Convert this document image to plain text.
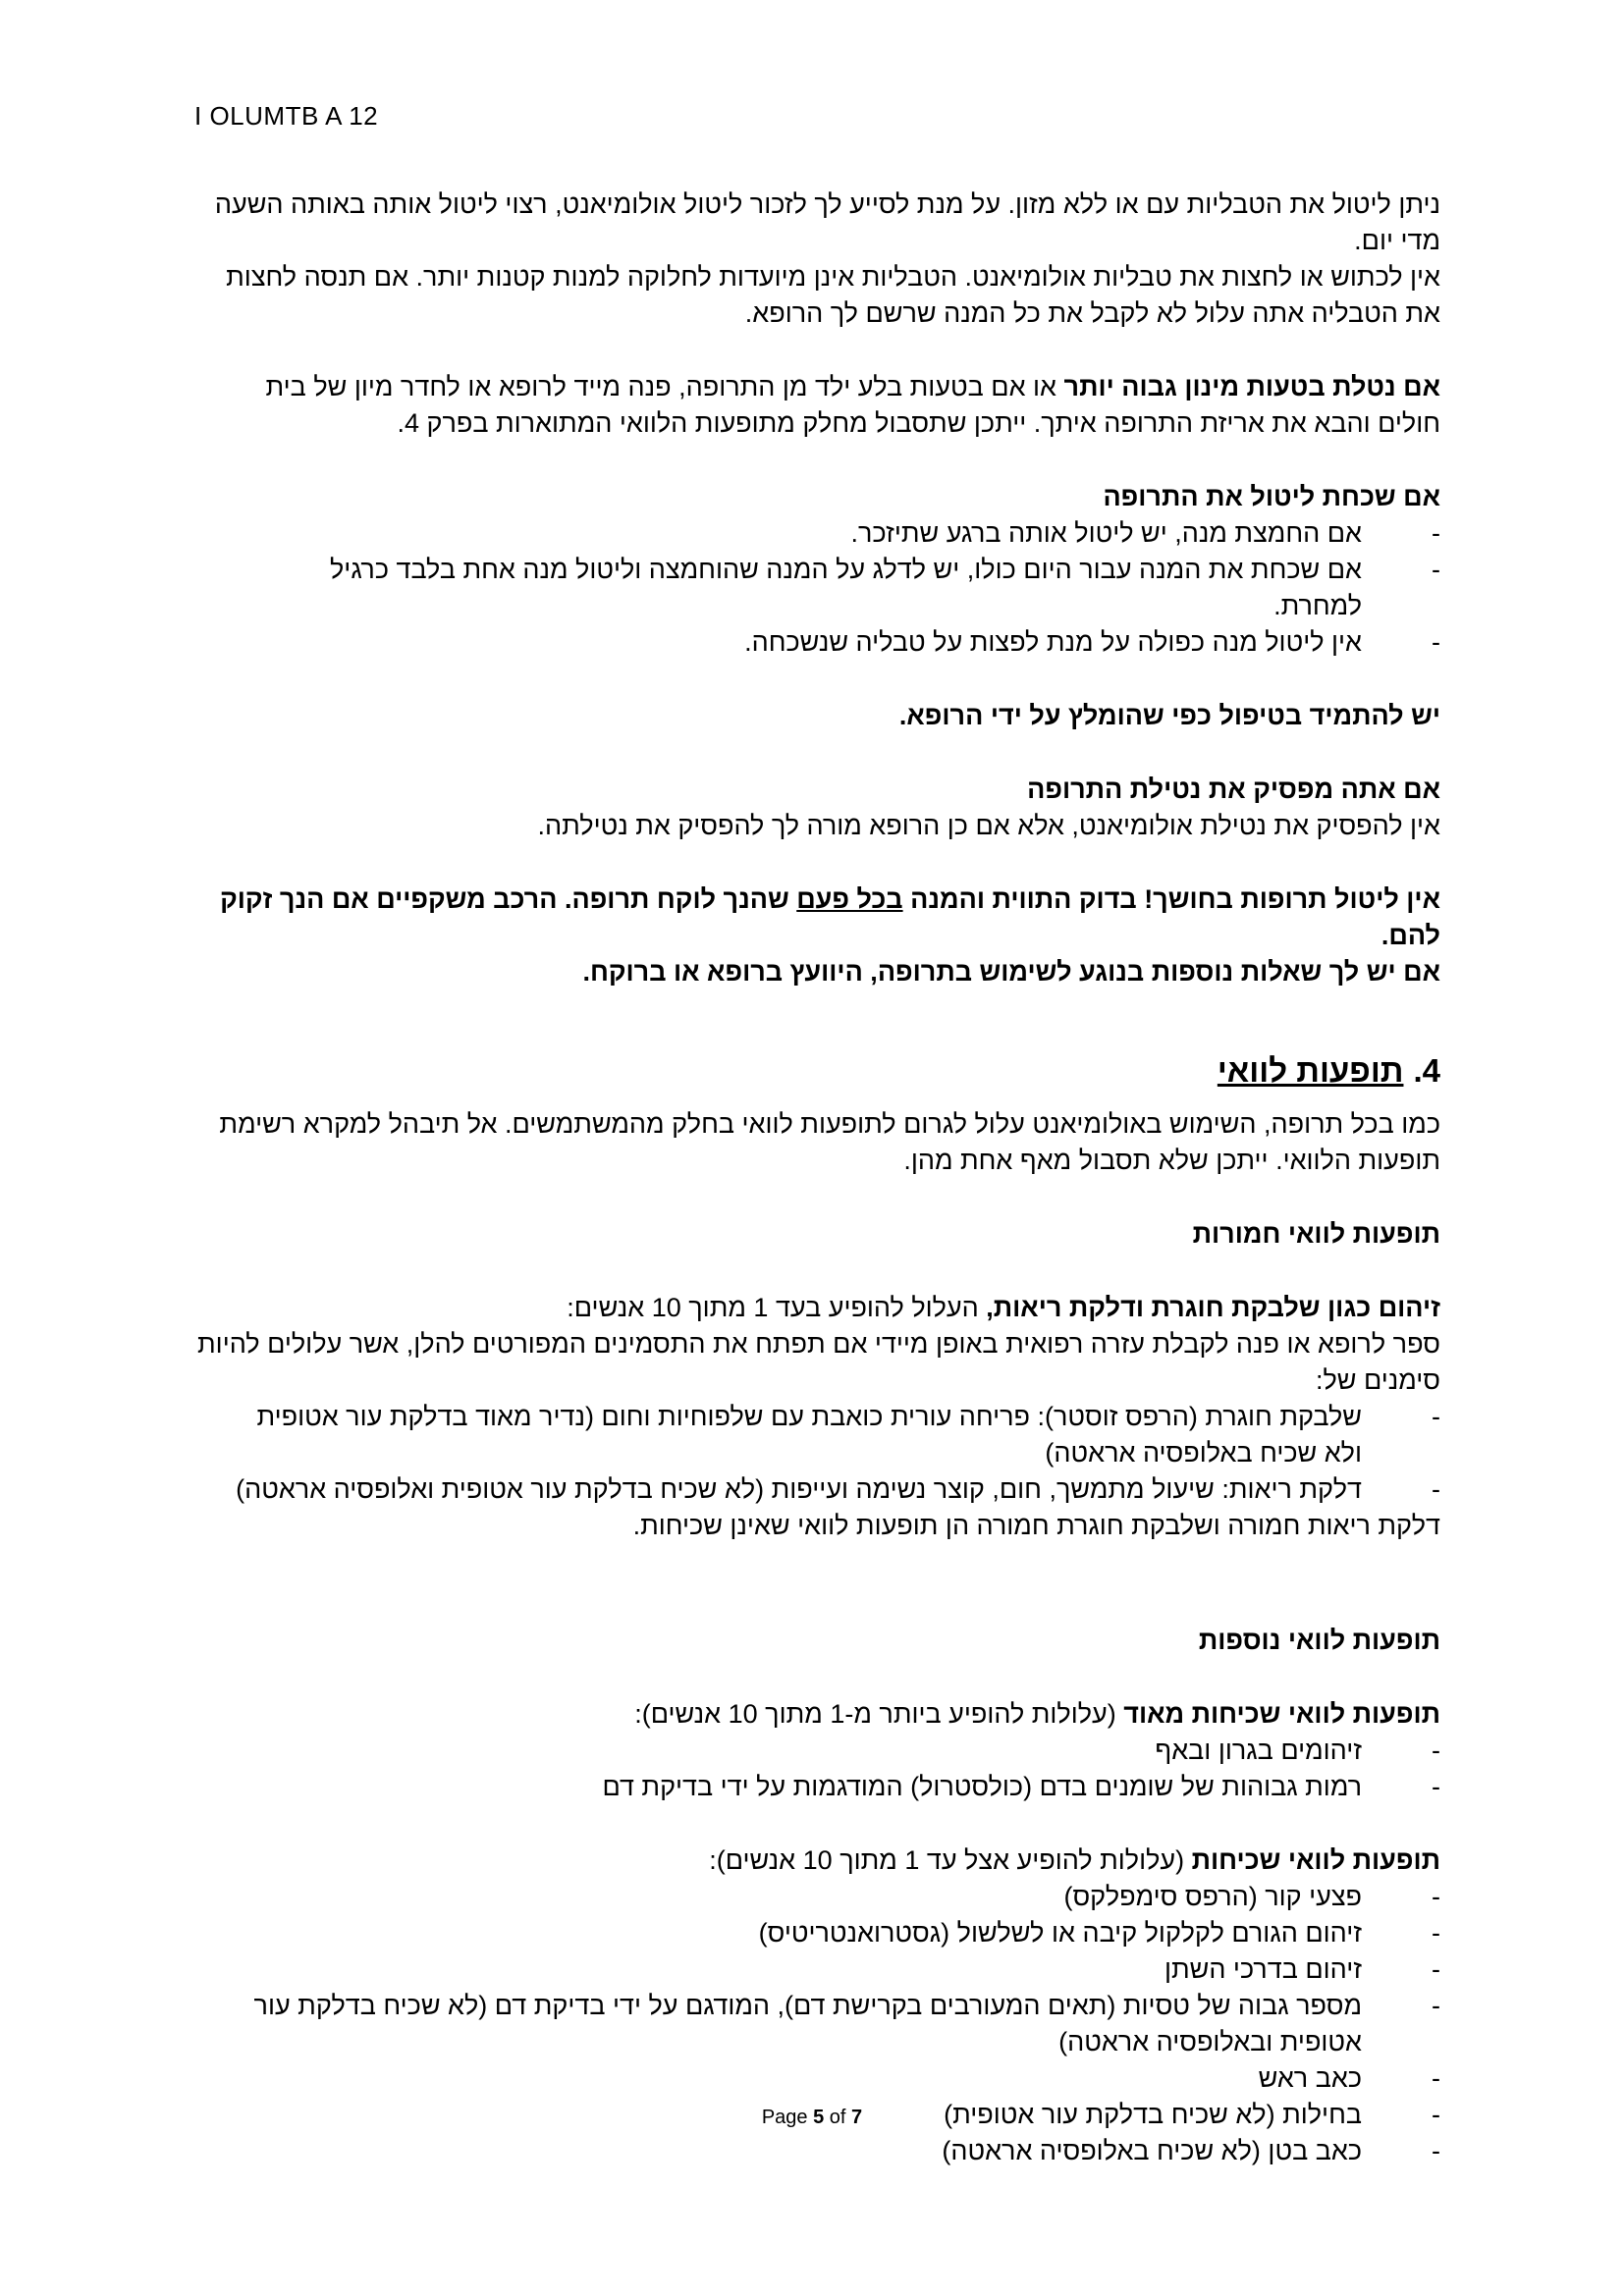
I OLUMTB A 12

ניתן ליטול את הטבליות עם או ללא מזון. על מנת לסייע לך לזכור ליטול אולומיאנט, רצוי ליטול אותה באותה השעה מדי יום.

אין לכתוש או לחצות את טבליות אולומיאנט. הטבליות אינן מיועדות לחלוקה למנות קטנות יותר. אם תנסה לחצות את הטבליה אתה עלול לא לקבל את כל המנה שרשם לך הרופא.

אם נטלת בטעות מינון גבוה יותר או אם בטעות בלע ילד מן התרופה, פנה מייד לרופא או לחדר מיון של בית חולים והבא את אריזת התרופה איתך. ייתכן שתסבול מחלק מתופעות הלוואי המתוארות בפרק 4.

אם שכחת ליטול את התרופה

- אם החמצת מנה, יש ליטול אותה ברגע שתיזכר.
- אם שכחת את המנה עבור היום כולו, יש לדלג על המנה שהוחמצה וליטול מנה אחת בלבד כרגיל למחרת.
- אין ליטול מנה כפולה על מנת לפצות על טבליה שנשכחה.

יש להתמיד בטיפול כפי שהומלץ על ידי הרופא.

אם אתה מפסיק את נטילת התרופה

אין להפסיק את נטילת אולומיאנט, אלא אם כן הרופא מורה לך להפסיק את נטילתה.

אין ליטול תרופות בחושך! בדוק התווית והמנה בכל פעם שהנך לוקח תרופה. הרכב משקפיים אם הנך זקוק להם.

אם יש לך שאלות נוספות בנוגע לשימוש בתרופה, היוועץ ברופא או ברוקח.

4.תופעות לוואי

כמו בכל תרופה, השימוש באולומיאנט עלול לגרום לתופעות לוואי בחלק מהמשתמשים. אל תיבהל למקרא רשימת תופעות הלוואי. ייתכן שלא תסבול מאף אחת מהן.

תופעות לוואי חמורות

זיהום כגון שלבקת חוגרת ודלקת ריאות, העלול להופיע בעד 1 מתוך 10 אנשים:

ספר לרופא או פנה לקבלת עזרה רפואית באופן מיידי אם תפתח את התסמינים המפורטים להלן, אשר עלולים להיות סימנים של:

- שלבקת חוגרת (הרפס זוסטר): פריחה עורית כואבת עם שלפוחיות וחום (נדיר מאוד בדלקת עור אטופית ולא שכיח באלופסיה אראטה)
- דלקת ריאות: שיעול מתמשך, חום, קוצר נשימה ועייפות (לא שכיח בדלקת עור אטופית ואלופסיה אראטה)

דלקת ריאות חמורה ושלבקת חוגרת חמורה הן תופעות לוואי שאינן שכיחות.

תופעות לוואי נוספות

תופעות לוואי שכיחות מאוד (עלולות להופיע ביותר מ-1 מתוך 10 אנשים):

- זיהומים בגרון ובאף
- רמות גבוהות של שומנים בדם (כולסטרול) המודגמות על ידי בדיקת דם

תופעות לוואי שכיחות (עלולות להופיע אצל עד 1 מתוך 10 אנשים):

- פצעי קור (הרפס סימפלקס)
- זיהום הגורם לקלקול קיבה או לשלשול (גסטרואנטריטיס)
- זיהום בדרכי השתן
- מספר גבוה של טסיות (תאים המעורבים בקרישת דם), המודגם על ידי בדיקת דם (לא שכיח בדלקת עור אטופית ובאלופסיה אראטה)
- כאב ראש
- בחילות (לא שכיח בדלקת עור אטופית)
- כאב בטן (לא שכיח באלופסיה אראטה)
Page 5 of 7
